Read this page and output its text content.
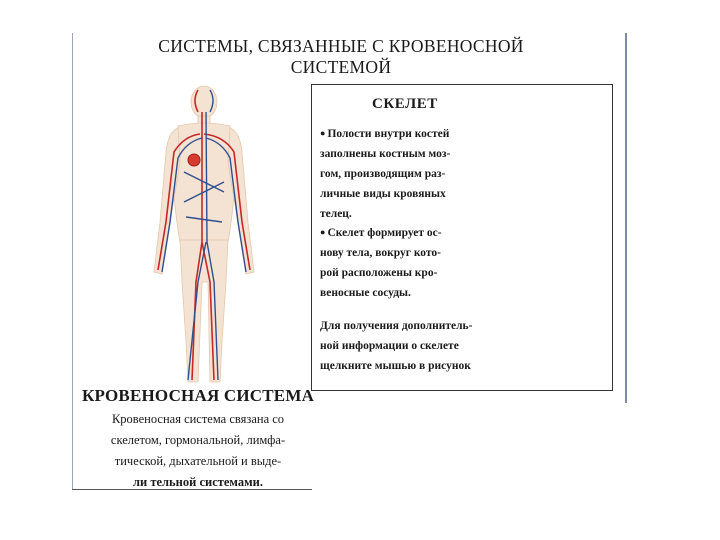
СИСТЕМЫ, СВЯЗАННЫЕ С КРОВЕНОСНОЙ
СИСТЕМОЙ
СКЕЛЕТ
● Полости внутри костей
заполнены костным моз-
гом, производящим раз-
личные виды кровяных
телец.
● Скелет формирует ос-
нову тела, вокруг кото-
рой расположены кро-
веносные сосуды.
Для получения дополнитель-
ной информации о скелете
щелкните мышью в рисунок
КРОВЕНОСНАЯ СИСТЕМА
Кровеносная система связана со
скелетом, гормональной, лимфа-
тической, дыхательной и выде-
ли тельной системами.
